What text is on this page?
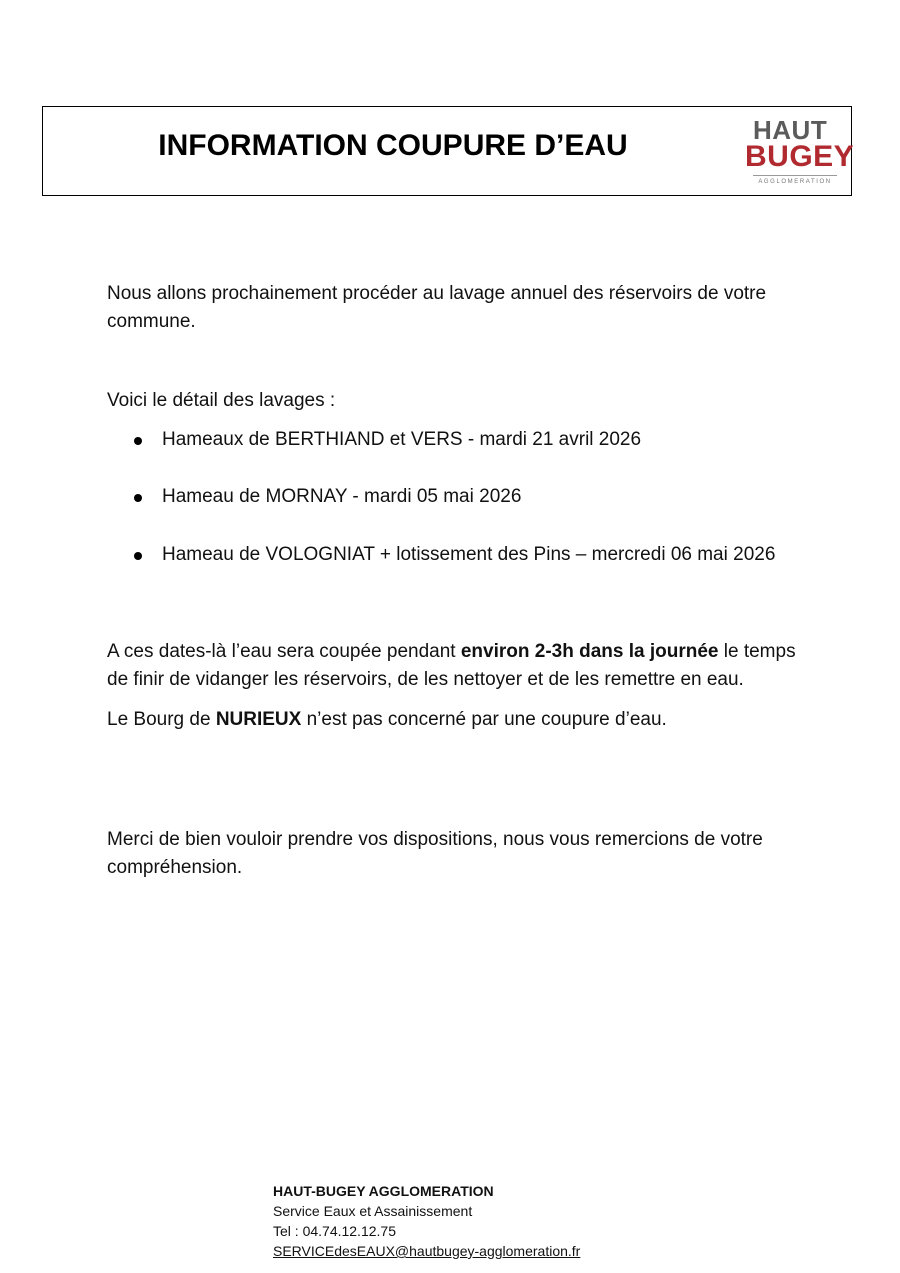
INFORMATION COUPURE D’EAU	HAUT
BUGEY
AGGLOMERATION

Nous allons prochainement procéder au lavage annuel des réservoirs de votre commune.

Voici le détail des lavages :

Hameaux de BERTHIAND et VERS - mardi 21 avril 2026
Hameau de MORNAY - mardi 05 mai 2026
Hameau de VOLOGNIAT + lotissement des Pins – mercredi 06 mai 2026

A ces dates-là l’eau sera coupée pendant environ 2-3h dans la journée le temps de finir de vidanger les réservoirs, de les nettoyer et de les remettre en eau.

Le Bourg de NURIEUX n’est pas concerné par une coupure d’eau.

Merci de bien vouloir prendre vos dispositions, nous vous remercions de votre compréhension.

HAUT-BUGEY AGGLOMERATION
Service Eaux et Assainissement
Tel : 04.74.12.12.75
SERVICEdesEAUX@hautbugey-agglomeration.fr
